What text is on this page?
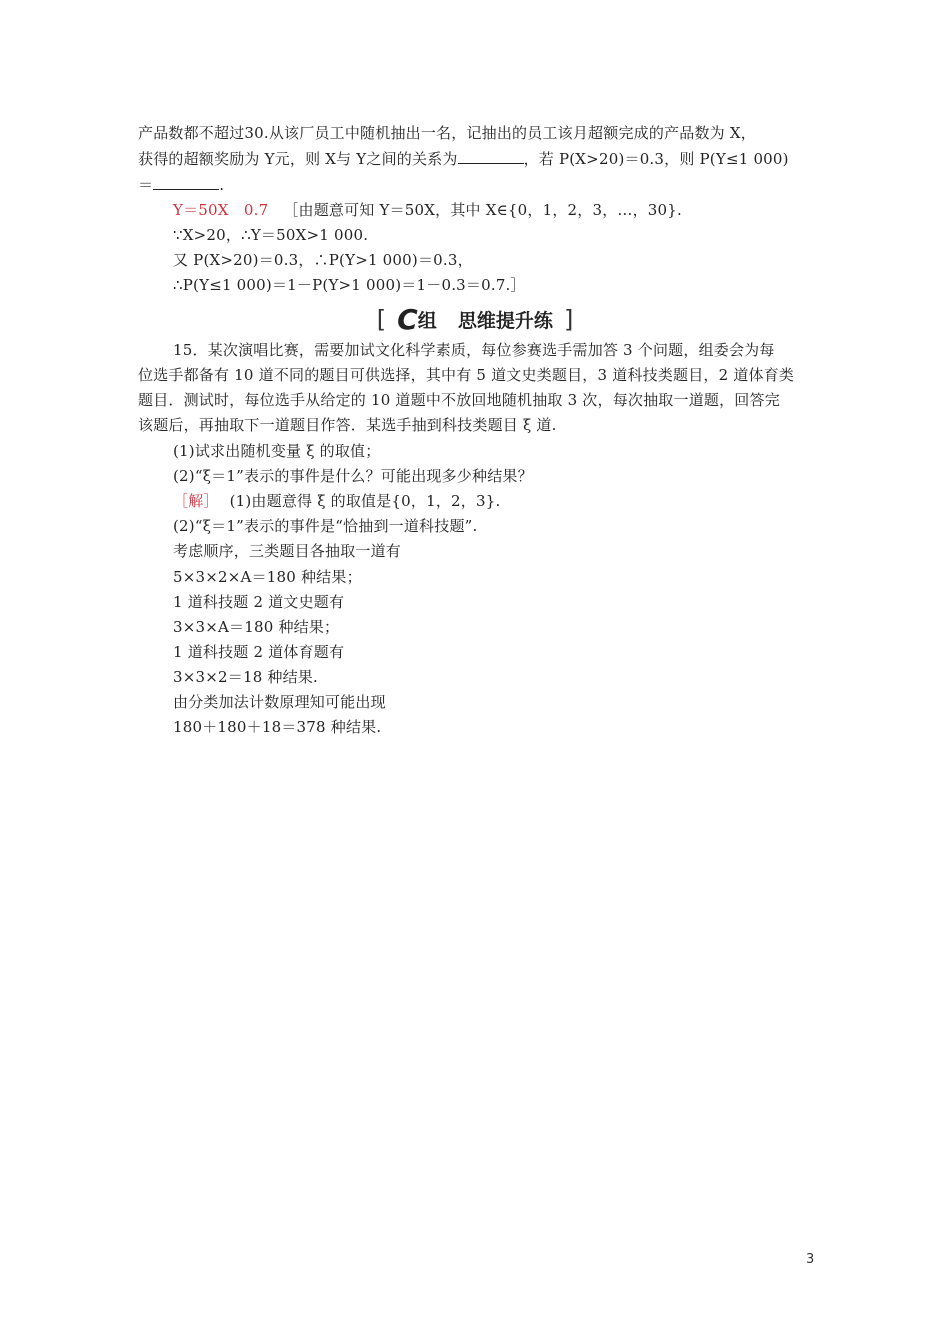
产品数都不超过30.从该厂员工中随机抽出一名，记抽出的员工该月超额完成的产品数为 X，
获得的超额奖励为 Y元，则 X与 Y之间的关系为	，若 P(X>20)＝0.3，则 P(Y≤1 000)
＝	.
Y＝50X　0.7 ［由题意可知 Y＝50X，其中 X∈{0，1，2，3，…，30}.
∵X>20，∴Y＝50X>1 000.
又 P(X>20)＝0.3，∴P(Y>1 000)＝0.3，
∴P(Y≤1 000)＝1－P(Y>1 000)＝1－0.3＝0.7.］
[ C组 思维提升练 ]
15．某次演唱比赛，需要加试文化科学素质，每位参赛选手需加答 3 个问题，组委会为每
位选手都备有 10 道不同的题目可供选择，其中有 5 道文史类题目，3 道科技类题目，2 道体育类
题目．测试时，每位选手从给定的 10 道题中不放回地随机抽取 3 次，每次抽取一道题，回答完
该题后，再抽取下一道题目作答．某选手抽到科技类题目 ξ 道.
(1)试求出随机变量 ξ 的取值；
(2)“ξ＝1”表示的事件是什么？可能出现多少种结果？
［解］ (1)由题意得 ξ 的取值是{0，1，2，3}.
(2)“ξ＝1”表示的事件是“恰抽到一道科技题”.
考虑顺序，三类题目各抽取一道有
5×3×2×A＝180 种结果；
1 道科技题 2 道文史题有
3×3×A＝180 种结果；
1 道科技题 2 道体育题有
3×3×2＝18 种结果.
由分类加法计数原理知可能出现
180＋180＋18＝378 种结果.
3
